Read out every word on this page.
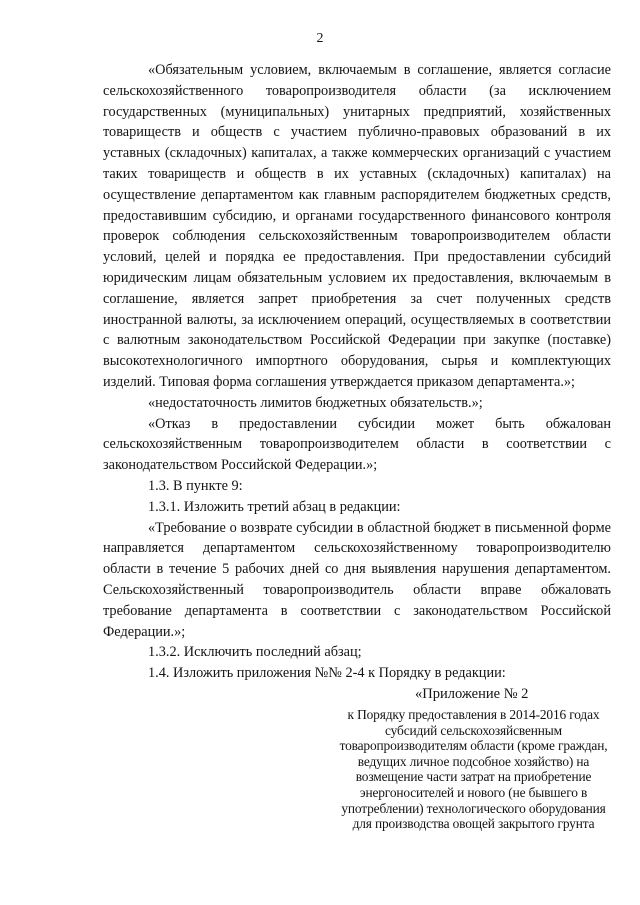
2

«Обязательным условием, включаемым в соглашение, является согласие сельскохозяйственного товаропроизводителя области (за исключением государственных (муниципальных) унитарных предприятий, хозяйственных товариществ и обществ с участием публично-правовых образований в их уставных (складочных) капиталах, а также коммерческих организаций с участием таких товариществ и обществ в их уставных (складочных) капиталах) на осуществление департаментом как главным распорядителем бюджетных средств, предоставившим субсидию, и органами государственного финансового контроля проверок соблюдения сельскохозяйственным товаропроизводителем области условий, целей и порядка ее предоставления. При предоставлении субсидий юридическим лицам обязательным условием их предоставления, включаемым в соглашение, является запрет приобретения за счет полученных средств иностранной валюты, за исключением операций, осуществляемых в соответствии с валютным законодательством Российской Федерации при закупке (поставке) высокотехнологичного импортного оборудования, сырья и комплектующих изделий. Типовая форма соглашения утверждается приказом департамента.»;

«недостаточность лимитов бюджетных обязательств.»;

«Отказ в предоставлении субсидии может быть обжалован сельскохозяйственным товаропроизводителем области в соответствии с законодательством Российской Федерации.»;

1.3. В пункте 9:

1.3.1. Изложить третий абзац в редакции:

«Требование о возврате субсидии в областной бюджет в письменной форме направляется департаментом сельскохозяйственному товаропроизводителю области в течение 5 рабочих дней со дня выявления нарушения департаментом. Сельскохозяйственный товаропроизводитель области вправе обжаловать требование департамента в соответствии с законодательством Российской Федерации.»;

1.3.2. Исключить последний абзац;

1.4. Изложить приложения №№ 2-4 к Порядку в редакции:

«Приложение № 2
к Порядку предоставления в 2014-2016 годах субсидий сельскохозяйсвенным товаропроизводителям области (кроме граждан, ведущих личное подсобное хозяйство) на возмещение части затрат на приобретение энергоносителей и нового (не бывшего в употреблении) технологического оборудования для производства овощей закрытого грунта
